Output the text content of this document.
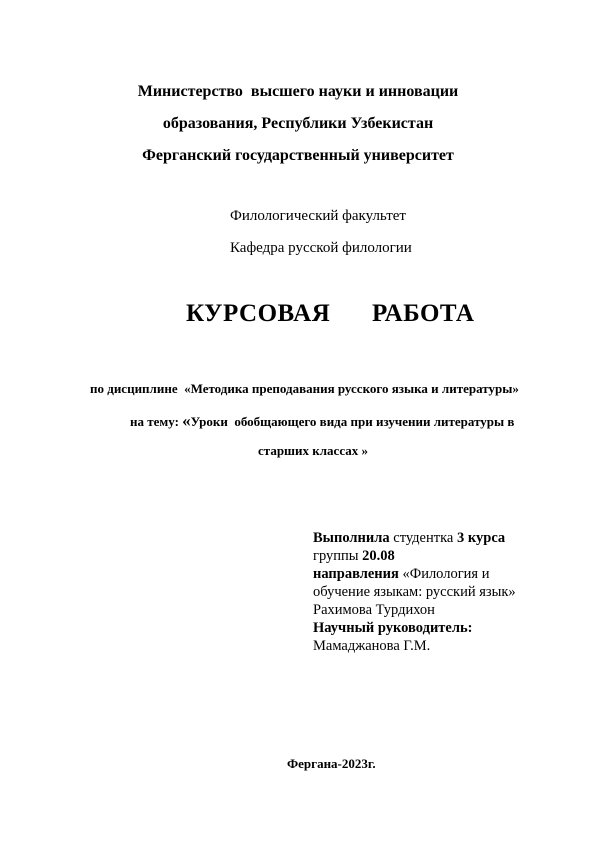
Министерство  высшего науки и инновации
образования, Республики Узбекистан
Ферганский государственный университет
Филологический факультет
Кафедра русской филологии
КУРСОВАЯ РАБОТА
по дисциплине  «Методика преподавания русского языка и литературы»
на тему: «Уроки  обобщающего вида при изучении литературы в
старших классах »
Выполнила студентка 3 курса
группы 20.08
направления «Филология и
обучение языкам: русский язык»
Рахимова Турдихон
Научный руководитель:
Мамаджанова Г.М.
Фергана-2023г.
